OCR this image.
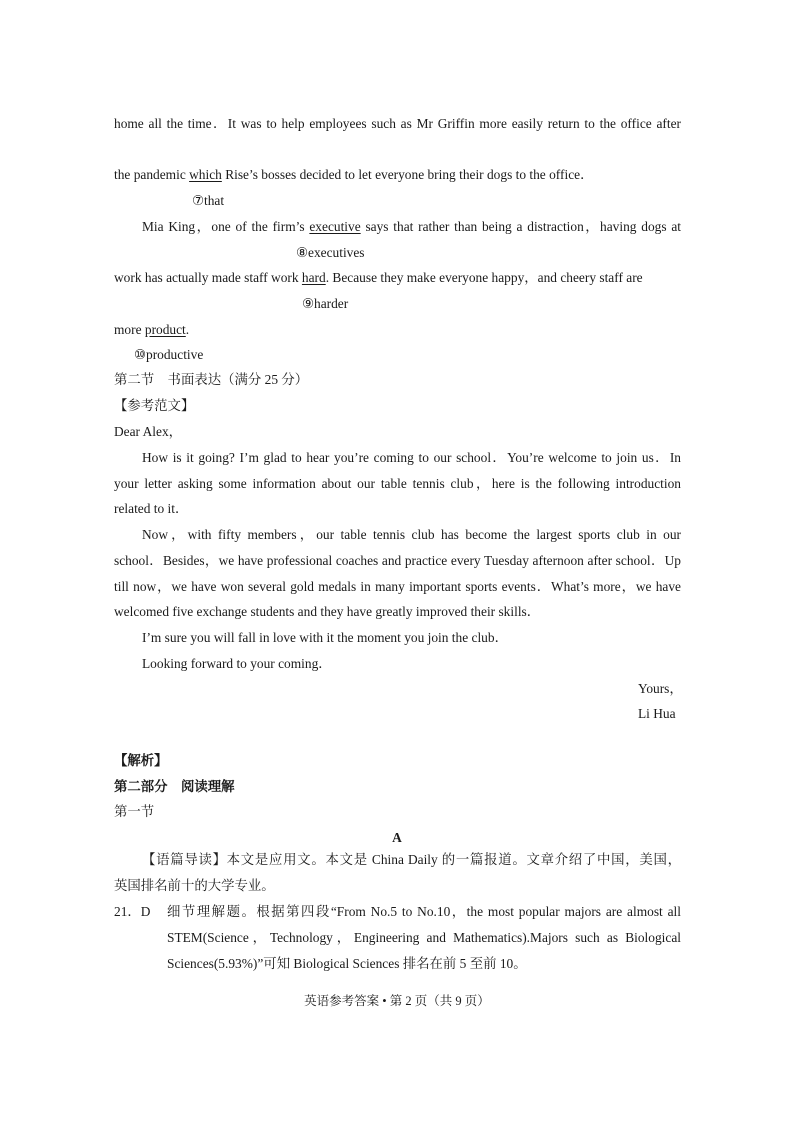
home all the time．It was to help employees such as Mr Griffin more easily return to the office after
the pandemic which Rise’s bosses decided to let everyone bring their dogs to the office．
⑦that
Mia King，one of the firm’s executive says that rather than being a distraction，having dogs at
⑧executives
work has actually made staff work hard. Because they make everyone happy，and cheery staff are
⑨harder
more product.
⑩productive
第二节　书面表达（满分 25 分）
【参考范文】
Dear Alex，
How is it going? I’m glad to hear you’re coming to our school．You’re welcome to join us．In
your letter asking some information about our table tennis club，here is the following introduction
related to it．
Now，with fifty members，our table tennis club has become the largest sports club in our
school．Besides，we have professional coaches and practice every Tuesday afternoon after school．Up
till now，we have won several gold medals in many important sports events．What’s more，we have
welcomed five exchange students and they have greatly improved their skills．
I’m sure you will fall in love with it the moment you join the club．
Looking forward to your coming．
Yours，
Li Hua
【解析】
第二部分　阅读理解
第一节
A
【语篇导读】本文是应用文。本文是 China Daily 的一篇报道。文章介绍了中国，美国，
英国排名前十的大学专业。
21．D 细节理解题。根据第四段“From No.5 to No.10，the most popular majors are almost all
STEM(Science，Technology，Engineering and Mathematics).Majors such as Biological
Sciences(5.93%)”可知 Biological Sciences 排名在前 5 至前 10。
英语参考答案 • 第 2 页（共 9 页）
